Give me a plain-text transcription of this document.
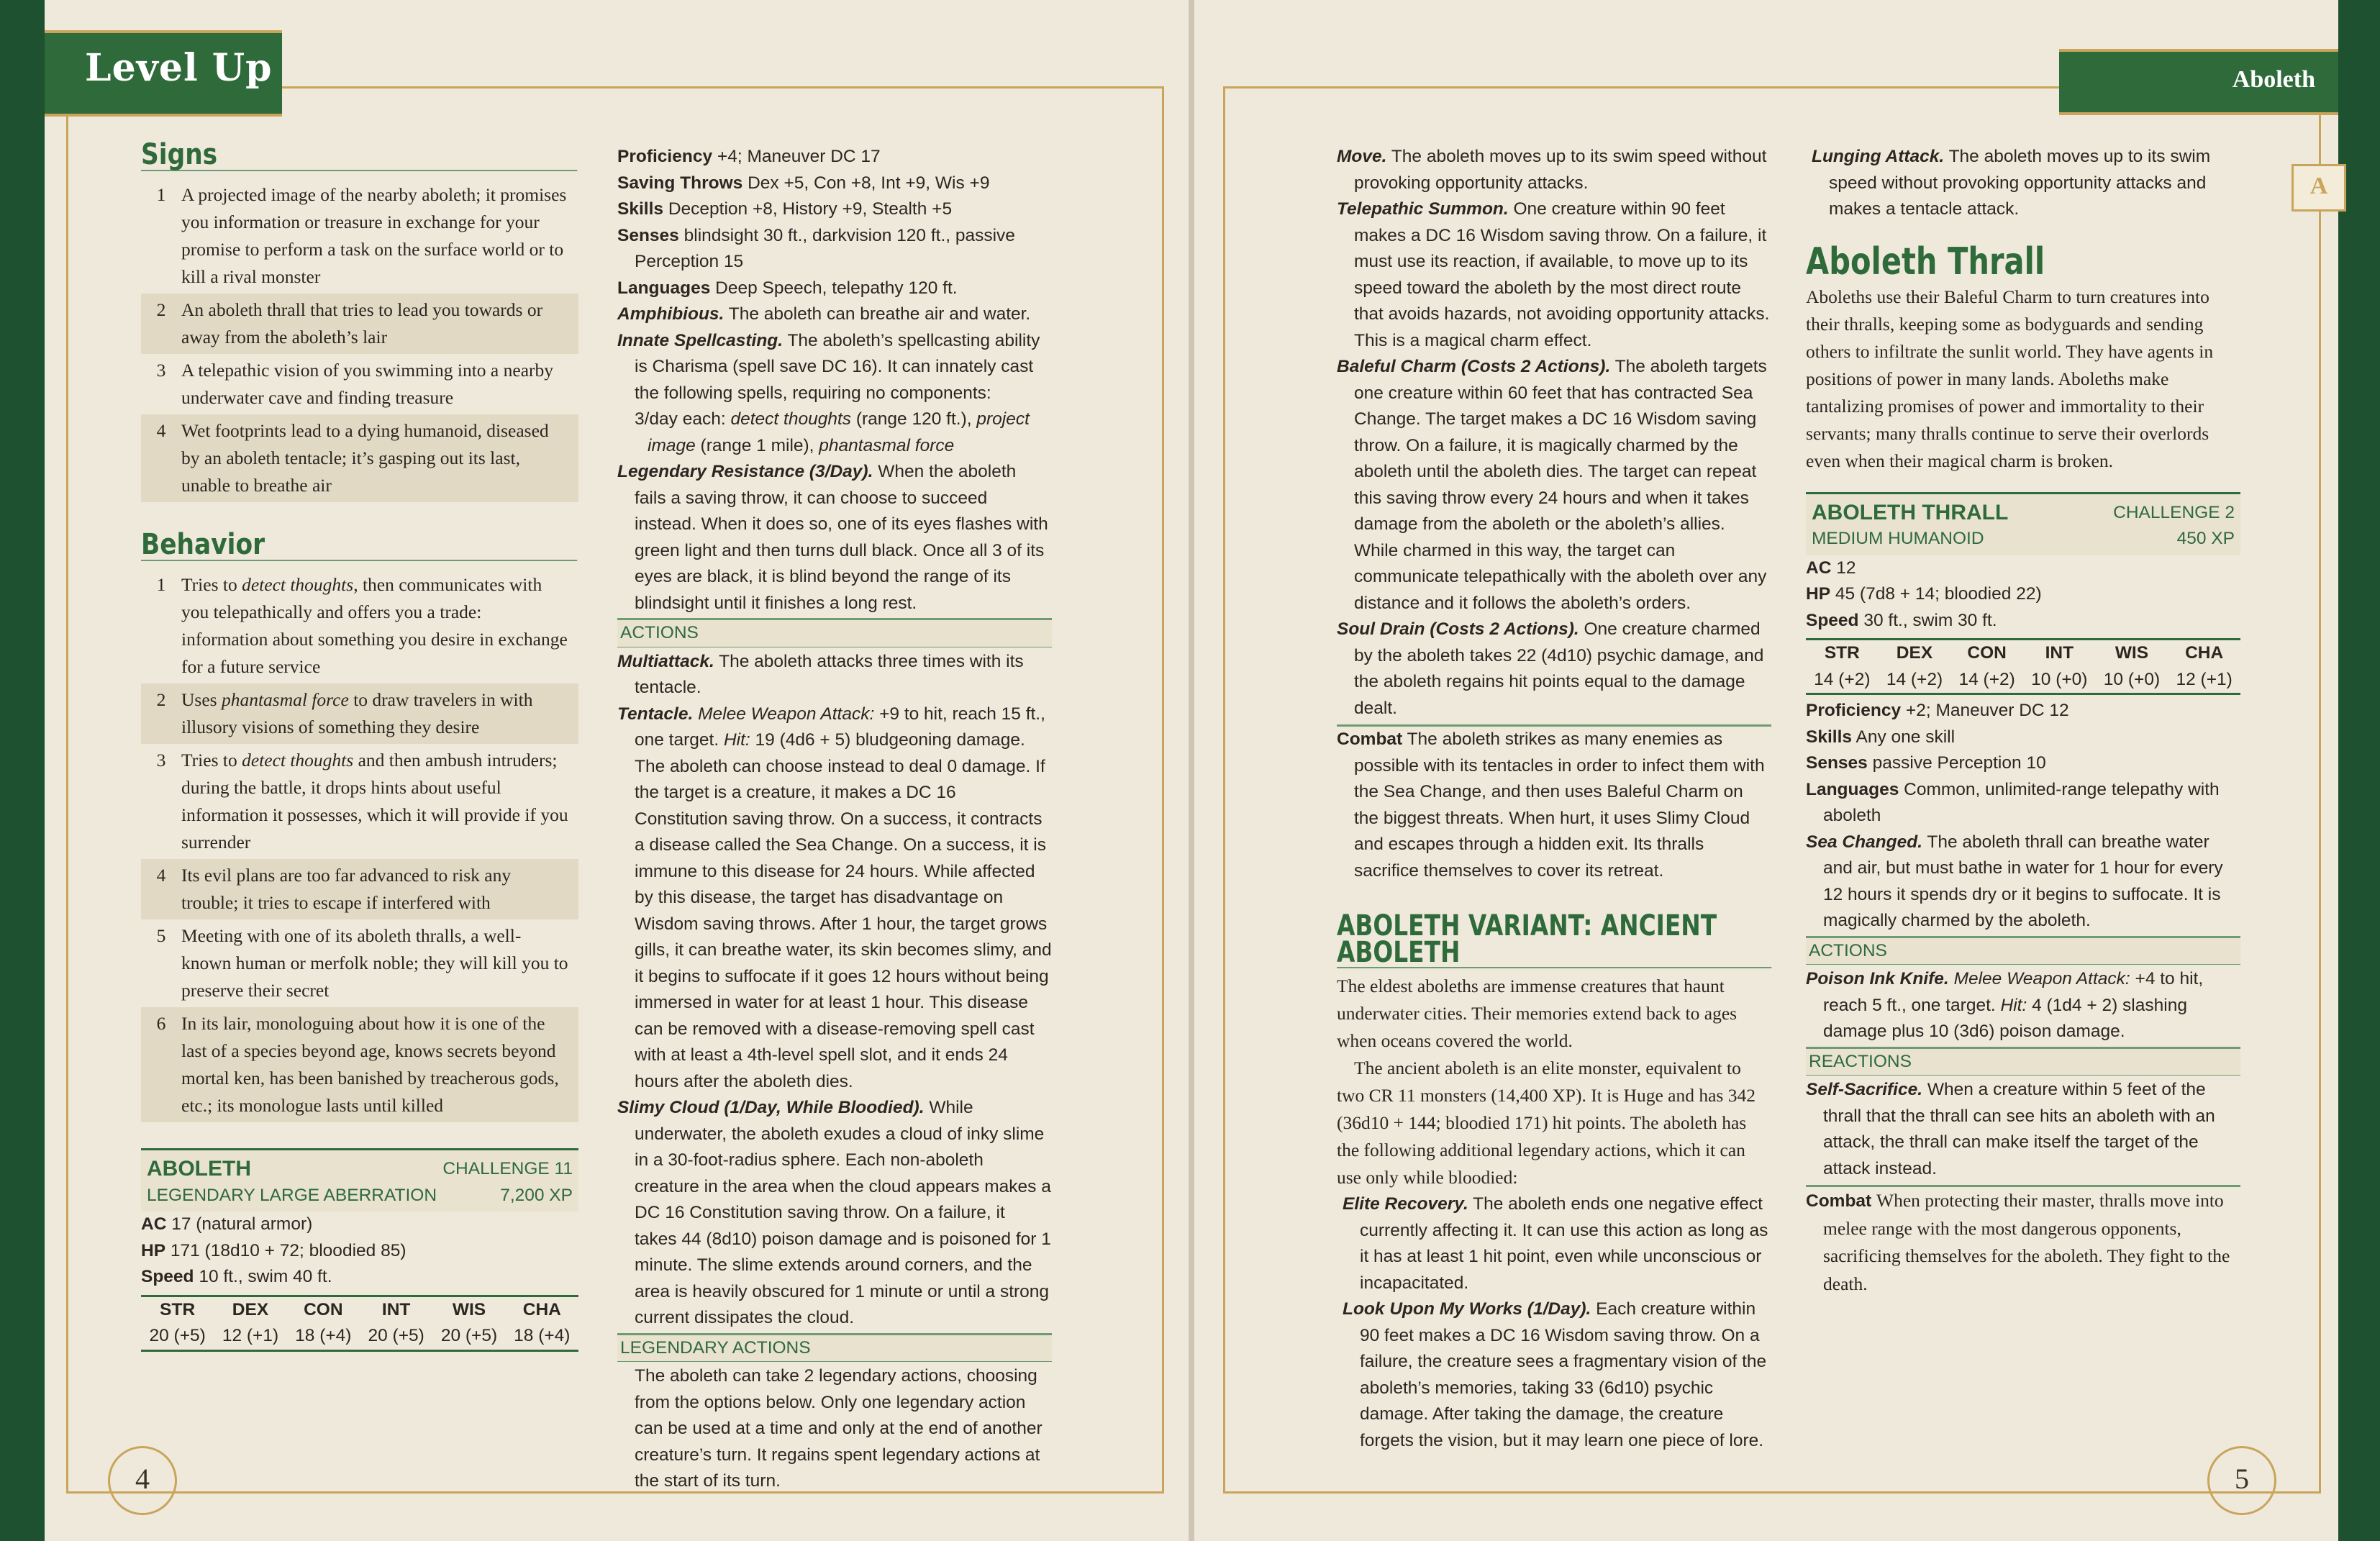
Level Up	Aboleth
A
4	5
Signs
1 A projected image of the nearby aboleth; it promises you information or treasure in exchange for your promise to perform a task on the surface world or to kill a rival monster
2 An aboleth thrall that tries to lead you towards or away from the aboleth’s lair
3 A telepathic vision of you swimming into a nearby underwater cave and finding treasure
4 Wet footprints lead to a dying humanoid, diseased by an aboleth tentacle; it’s gasping out its last, unable to breathe air
Behavior
1 Tries to detect thoughts, then communicates with you telepathically and offers you a trade: information about something you desire in exchange for a future service
2 Uses phantasmal force to draw travelers in with illusory visions of something they desire
3 Tries to detect thoughts and then ambush intruders; during the battle, it drops hints about useful information it possesses, which it will provide if you surrender
4 Its evil plans are too far advanced to risk any trouble; it tries to escape if interfered with
5 Meeting with one of its aboleth thralls, a well-known human or merfolk noble; they will kill you to preserve their secret
6 In its lair, monologuing about how it is one of the last of a species beyond age, knows secrets beyond mortal ken, has been banished by treacherous gods, etc.; its monologue lasts until killed
ABOLETH	CHALLENGE 11
LEGENDARY LARGE ABERRATION	7,200 XP

AC 17 (natural armor)

HP 171 (18d10 + 72; bloodied 85)

Speed 10 ft., swim 40 ft.

STR	DEX	CON	INT	WIS	CHA
20 (+5)	12 (+1)	18 (+4)	20 (+5)	20 (+5)	18 (+4)

Proficiency +4; Maneuver DC 17

Saving Throws Dex +5, Con +8, Int +9, Wis +9

Skills Deception +8, History +9, Stealth +5

Senses blindsight 30 ft., darkvision 120 ft., passive Perception 15

Languages Deep Speech, telepathy 120 ft.

Amphibious. The aboleth can breathe air and water.

Innate Spellcasting. The aboleth’s spellcasting ability is Charisma (spell save DC 16). It can innately cast the following spells, requiring no components:

3/day each: detect thoughts (range 120 ft.), project image (range 1 mile), phantasmal force

Legendary Resistance (3/Day). When the aboleth fails a saving throw, it can choose to succeed instead. When it does so, one of its eyes flashes with green light and then turns dull black. Once all 3 of its eyes are black, it is blind beyond the range of its blindsight until it finishes a long rest.

ACTIONS

Multiattack. The aboleth attacks three times with its tentacle.

Tentacle. Melee Weapon Attack: +9 to hit, reach 15 ft., one target. Hit: 19 (4d6 + 5) bludgeoning damage. The aboleth can choose instead to deal 0 damage. If the target is a creature, it makes a DC 16 Constitution saving throw. On a success, it contracts a disease called the Sea Change. On a success, it is immune to this disease for 24 hours. While affected by this disease, the target has disadvantage on Wisdom saving throws. After 1 hour, the target grows gills, it can breathe water, its skin becomes slimy, and it begins to suffocate if it goes 12 hours without being immersed in water for at least 1 hour. This disease can be removed with a disease-removing spell cast with at least a 4th-level spell slot, and it ends 24 hours after the aboleth dies.

Slimy Cloud (1/Day, While Bloodied). While underwater, the aboleth exudes a cloud of inky slime in a 30-foot-radius sphere. Each non-aboleth creature in the area when the cloud appears makes a DC 16 Constitution saving throw. On a failure, it takes 44 (8d10) poison damage and is poisoned for 1 minute. The slime extends around corners, and the area is heavily obscured for 1 minute or until a strong current dissipates the cloud.

LEGENDARY ACTIONS

The aboleth can take 2 legendary actions, choosing from the options below. Only one legendary action can be used at a time and only at the end of another creature’s turn. It regains spent legendary actions at the start of its turn.

Move. The aboleth moves up to its swim speed without provoking opportunity attacks.

Telepathic Summon. One creature within 90 feet makes a DC 16 Wisdom saving throw. On a failure, it must use its reaction, if available, to move up to its speed toward the aboleth by the most direct route that avoids hazards, not avoiding opportunity attacks. This is a magical charm effect.

Baleful Charm (Costs 2 Actions). The aboleth targets one creature within 60 feet that has contracted Sea Change. The target makes a DC 16 Wisdom saving throw. On a failure, it is magically charmed by the aboleth until the aboleth dies. The target can repeat this saving throw every 24 hours and when it takes damage from the aboleth or the aboleth’s allies. While charmed in this way, the target can communicate telepathically with the aboleth over any distance and it follows the aboleth’s orders.

Soul Drain (Costs 2 Actions). One creature charmed by the aboleth takes 22 (4d10) psychic damage, and the aboleth regains hit points equal to the damage dealt.

Combat The aboleth strikes as many enemies as possible with its tentacles in order to infect them with the Sea Change, and then uses Baleful Charm on the biggest threats. When hurt, it uses Slimy Cloud and escapes through a hidden exit. Its thralls sacrifice themselves to cover its retreat.

ABOLETH VARIANT: ANCIENT ABOLETH

The eldest aboleths are immense creatures that haunt underwater cities. Their memories extend back to ages when oceans covered the world.

The ancient aboleth is an elite monster, equivalent to two CR 11 monsters (14,400 XP). It is Huge and has 342 (36d10 + 144; bloodied 171) hit points. The aboleth has the following additional legendary actions, which it can use only while bloodied:

Elite Recovery. The aboleth ends one negative effect currently affecting it. It can use this action as long as it has at least 1 hit point, even while unconscious or incapacitated.

Look Upon My Works (1/Day). Each creature within 90 feet makes a DC 16 Wisdom saving throw. On a failure, the creature sees a fragmentary vision of the aboleth’s memories, taking 33 (6d10) psychic damage. After taking the damage, the creature forgets the vision, but it may learn one piece of lore.

Lunging Attack. The aboleth moves up to its swim speed without provoking opportunity attacks and makes a tentacle attack.

Aboleth Thrall

Aboleths use their Baleful Charm to turn creatures into their thralls, keeping some as bodyguards and sending others to infiltrate the sunlit world. They have agents in positions of power in many lands. Aboleths make tantalizing promises of power and immortality to their servants; many thralls continue to serve their overlords even when their magical charm is broken.

ABOLETH THRALL	CHALLENGE 2
MEDIUM HUMANOID	450 XP

AC 12

HP 45 (7d8 + 14; bloodied 22)

Speed 30 ft., swim 30 ft.

STR	DEX	CON	INT	WIS	CHA
14 (+2)	14 (+2)	14 (+2)	10 (+0)	10 (+0)	12 (+1)

Proficiency +2; Maneuver DC 12

Skills Any one skill

Senses passive Perception 10

Languages Common, unlimited-range telepathy with aboleth

Sea Changed. The aboleth thrall can breathe water and air, but must bathe in water for 1 hour for every 12 hours it spends dry or it begins to suffocate. It is magically charmed by the aboleth.

ACTIONS

Poison Ink Knife. Melee Weapon Attack: +4 to hit, reach 5 ft., one target. Hit: 4 (1d4 + 2) slashing damage plus 10 (3d6) poison damage.

REACTIONS

Self-Sacrifice. When a creature within 5 feet of the thrall that the thrall can see hits an aboleth with an attack, the thrall can make itself the target of the attack instead.

Combat When protecting their master, thralls move into melee range with the most dangerous opponents, sacrificing themselves for the aboleth. They fight to the death.
